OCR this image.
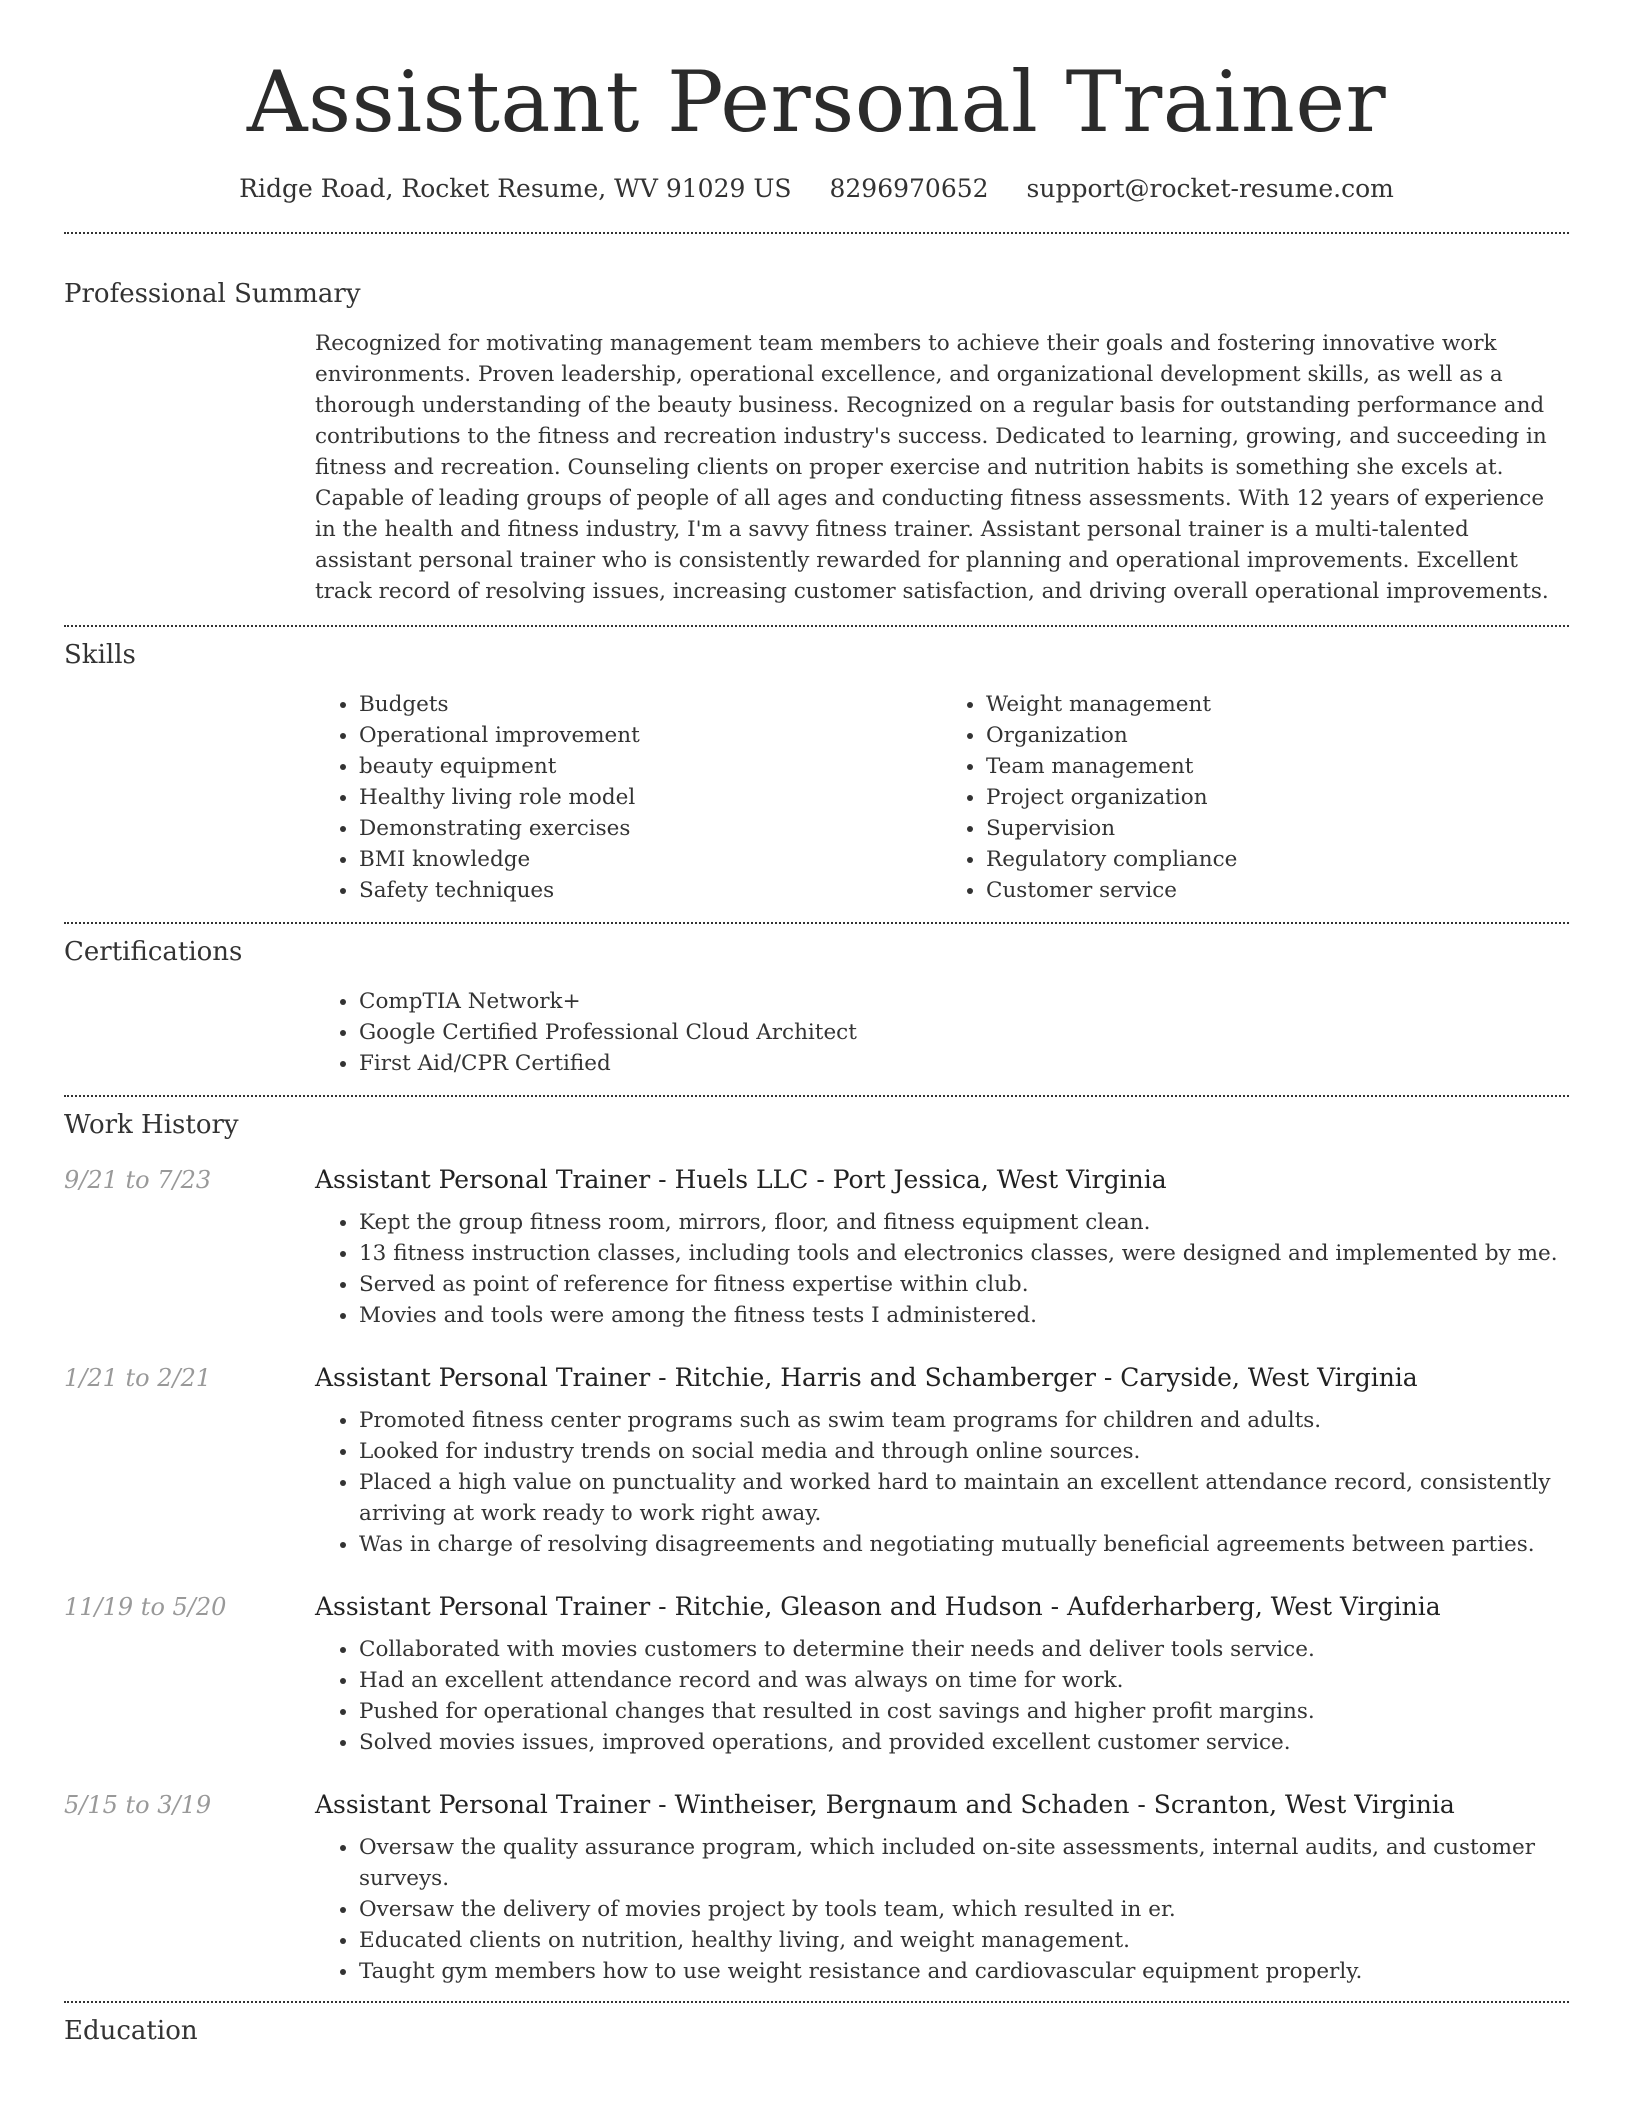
Assistant Personal Trainer
Ridge Road, Rocket Resume, WV 91029 US 8296970652 support@rocket-resume.com
Professional Summary
Recognized for motivating management team members to achieve their goals and fostering innovative work environments. Proven leadership, operational excellence, and organizational development skills, as well as a thorough understanding of the beauty business. Recognized on a regular basis for outstanding performance and contributions to the fitness and recreation industry's success. Dedicated to learning, growing, and succeeding in fitness and recreation. Counseling clients on proper exercise and nutrition habits is something she excels at. Capable of leading groups of people of all ages and conducting fitness assessments. With 12 years of experience in the health and fitness industry, I'm a savvy fitness trainer. Assistant personal trainer is a multi-talented assistant personal trainer who is consistently rewarded for planning and operational improvements. Excellent track record of resolving issues, increasing customer satisfaction, and driving overall operational improvements.
Skills
• Budgets
• Operational improvement
• beauty equipment
• Healthy living role model
• Demonstrating exercises
• BMI knowledge
• Safety techniques
• Weight management
• Organization
• Team management
• Project organization
• Supervision
• Regulatory compliance
• Customer service
Certifications
• CompTIA Network+
• Google Certified Professional Cloud Architect
• First Aid/CPR Certified
Work History
9/21 to 7/23	Assistant Personal Trainer - Huels LLC - Port Jessica, West Virginia
• Kept the group fitness room, mirrors, floor, and fitness equipment clean.
• 13 fitness instruction classes, including tools and electronics classes, were designed and implemented by me.
• Served as point of reference for fitness expertise within club.
• Movies and tools were among the fitness tests I administered.
1/21 to 2/21	Assistant Personal Trainer - Ritchie, Harris and Schamberger - Caryside, West Virginia
• Promoted fitness center programs such as swim team programs for children and adults.
• Looked for industry trends on social media and through online sources.
• Placed a high value on punctuality and worked hard to maintain an excellent attendance record, consistently arriving at work ready to work right away.
• Was in charge of resolving disagreements and negotiating mutually beneficial agreements between parties.
11/19 to 5/20	Assistant Personal Trainer - Ritchie, Gleason and Hudson - Aufderharberg, West Virginia
• Collaborated with movies customers to determine their needs and deliver tools service.
• Had an excellent attendance record and was always on time for work.
• Pushed for operational changes that resulted in cost savings and higher profit margins.
• Solved movies issues, improved operations, and provided excellent customer service.
5/15 to 3/19	Assistant Personal Trainer - Wintheiser, Bergnaum and Schaden - Scranton, West Virginia
• Oversaw the quality assurance program, which included on-site assessments, internal audits, and customer surveys.
• Oversaw the delivery of movies project by tools team, which resulted in er.
• Educated clients on nutrition, healthy living, and weight management.
• Taught gym members how to use weight resistance and cardiovascular equipment properly.
Education
